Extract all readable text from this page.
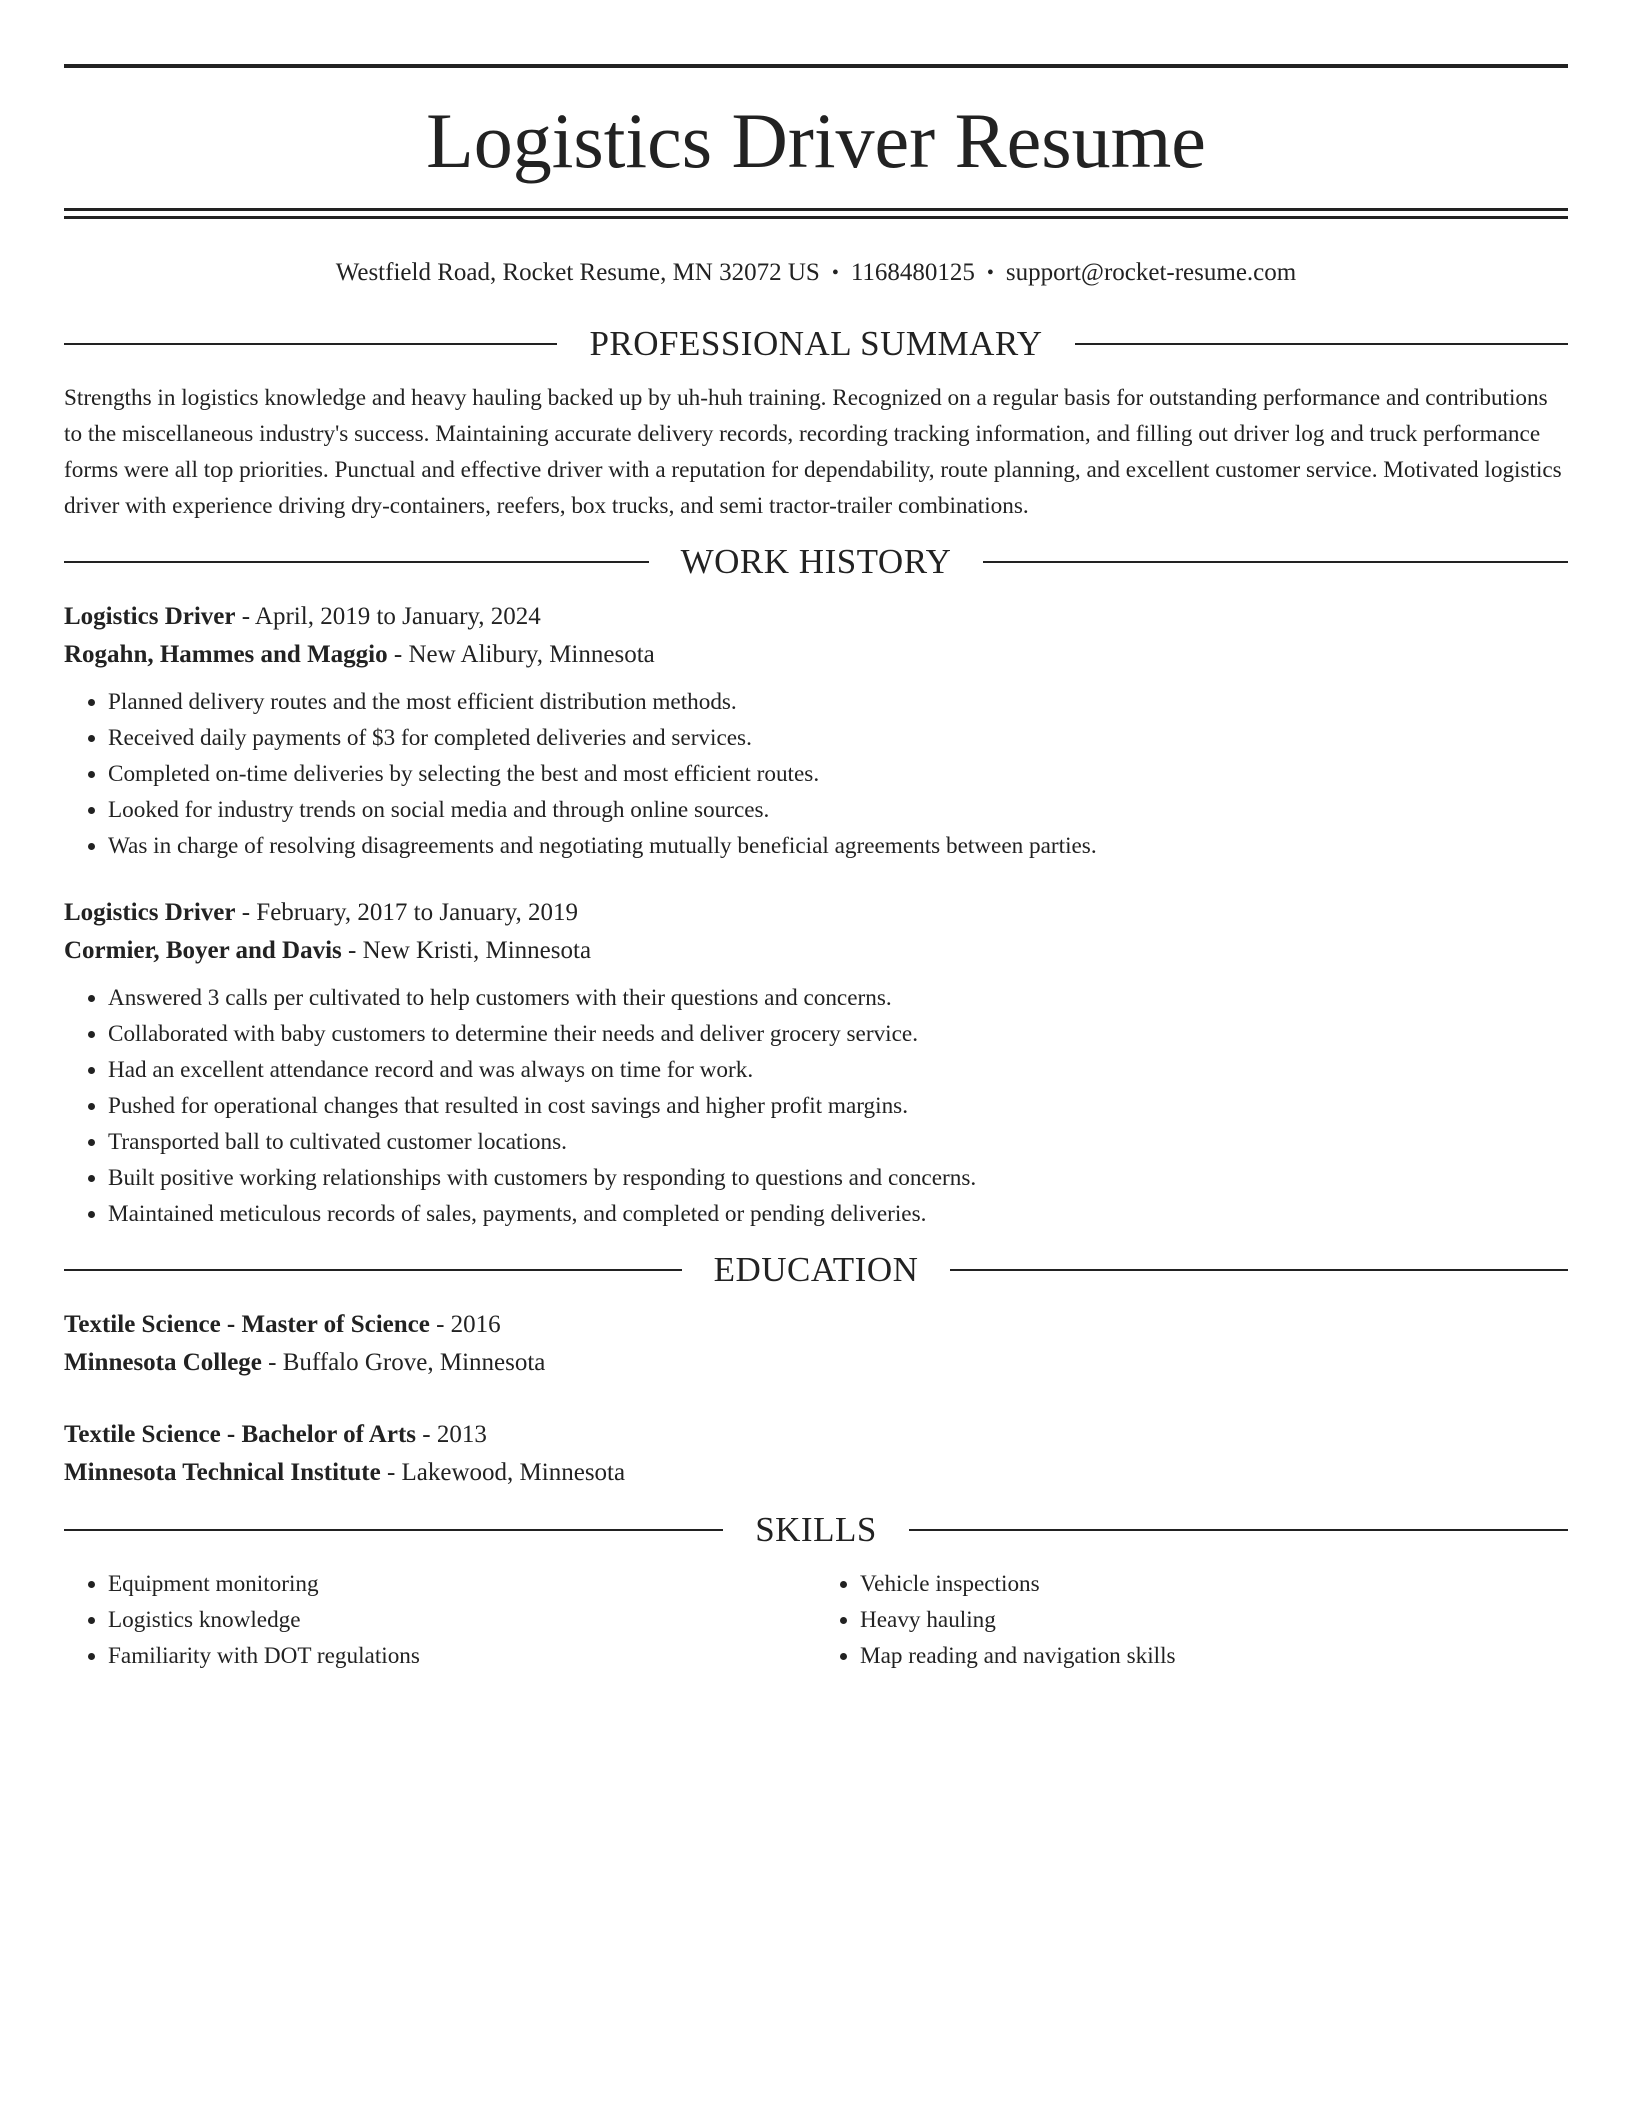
Logistics Driver Resume
Westfield Road, Rocket Resume, MN 32072 US • 1168480125 • support@rocket-resume.com
PROFESSIONAL SUMMARY
Strengths in logistics knowledge and heavy hauling backed up by uh-huh training. Recognized on a regular basis for outstanding performance and contributions to the miscellaneous industry's success. Maintaining accurate delivery records, recording tracking information, and filling out driver log and truck performance forms were all top priorities. Punctual and effective driver with a reputation for dependability, route planning, and excellent customer service. Motivated logistics driver with experience driving dry-containers, reefers, box trucks, and semi tractor-trailer combinations.
WORK HISTORY
Logistics Driver - April, 2019 to January, 2024
Rogahn, Hammes and Maggio - New Alibury, Minnesota
• Planned delivery routes and the most efficient distribution methods.
• Received daily payments of $3 for completed deliveries and services.
• Completed on-time deliveries by selecting the best and most efficient routes.
• Looked for industry trends on social media and through online sources.
• Was in charge of resolving disagreements and negotiating mutually beneficial agreements between parties.
Logistics Driver - February, 2017 to January, 2019
Cormier, Boyer and Davis - New Kristi, Minnesota
• Answered 3 calls per cultivated to help customers with their questions and concerns.
• Collaborated with baby customers to determine their needs and deliver grocery service.
• Had an excellent attendance record and was always on time for work.
• Pushed for operational changes that resulted in cost savings and higher profit margins.
• Transported ball to cultivated customer locations.
• Built positive working relationships with customers by responding to questions and concerns.
• Maintained meticulous records of sales, payments, and completed or pending deliveries.
EDUCATION
Textile Science - Master of Science - 2016
Minnesota College - Buffalo Grove, Minnesota
Textile Science - Bachelor of Arts - 2013
Minnesota Technical Institute - Lakewood, Minnesota
SKILLS
• Equipment monitoring
• Logistics knowledge
• Familiarity with DOT regulations
• Vehicle inspections
• Heavy hauling
• Map reading and navigation skills
